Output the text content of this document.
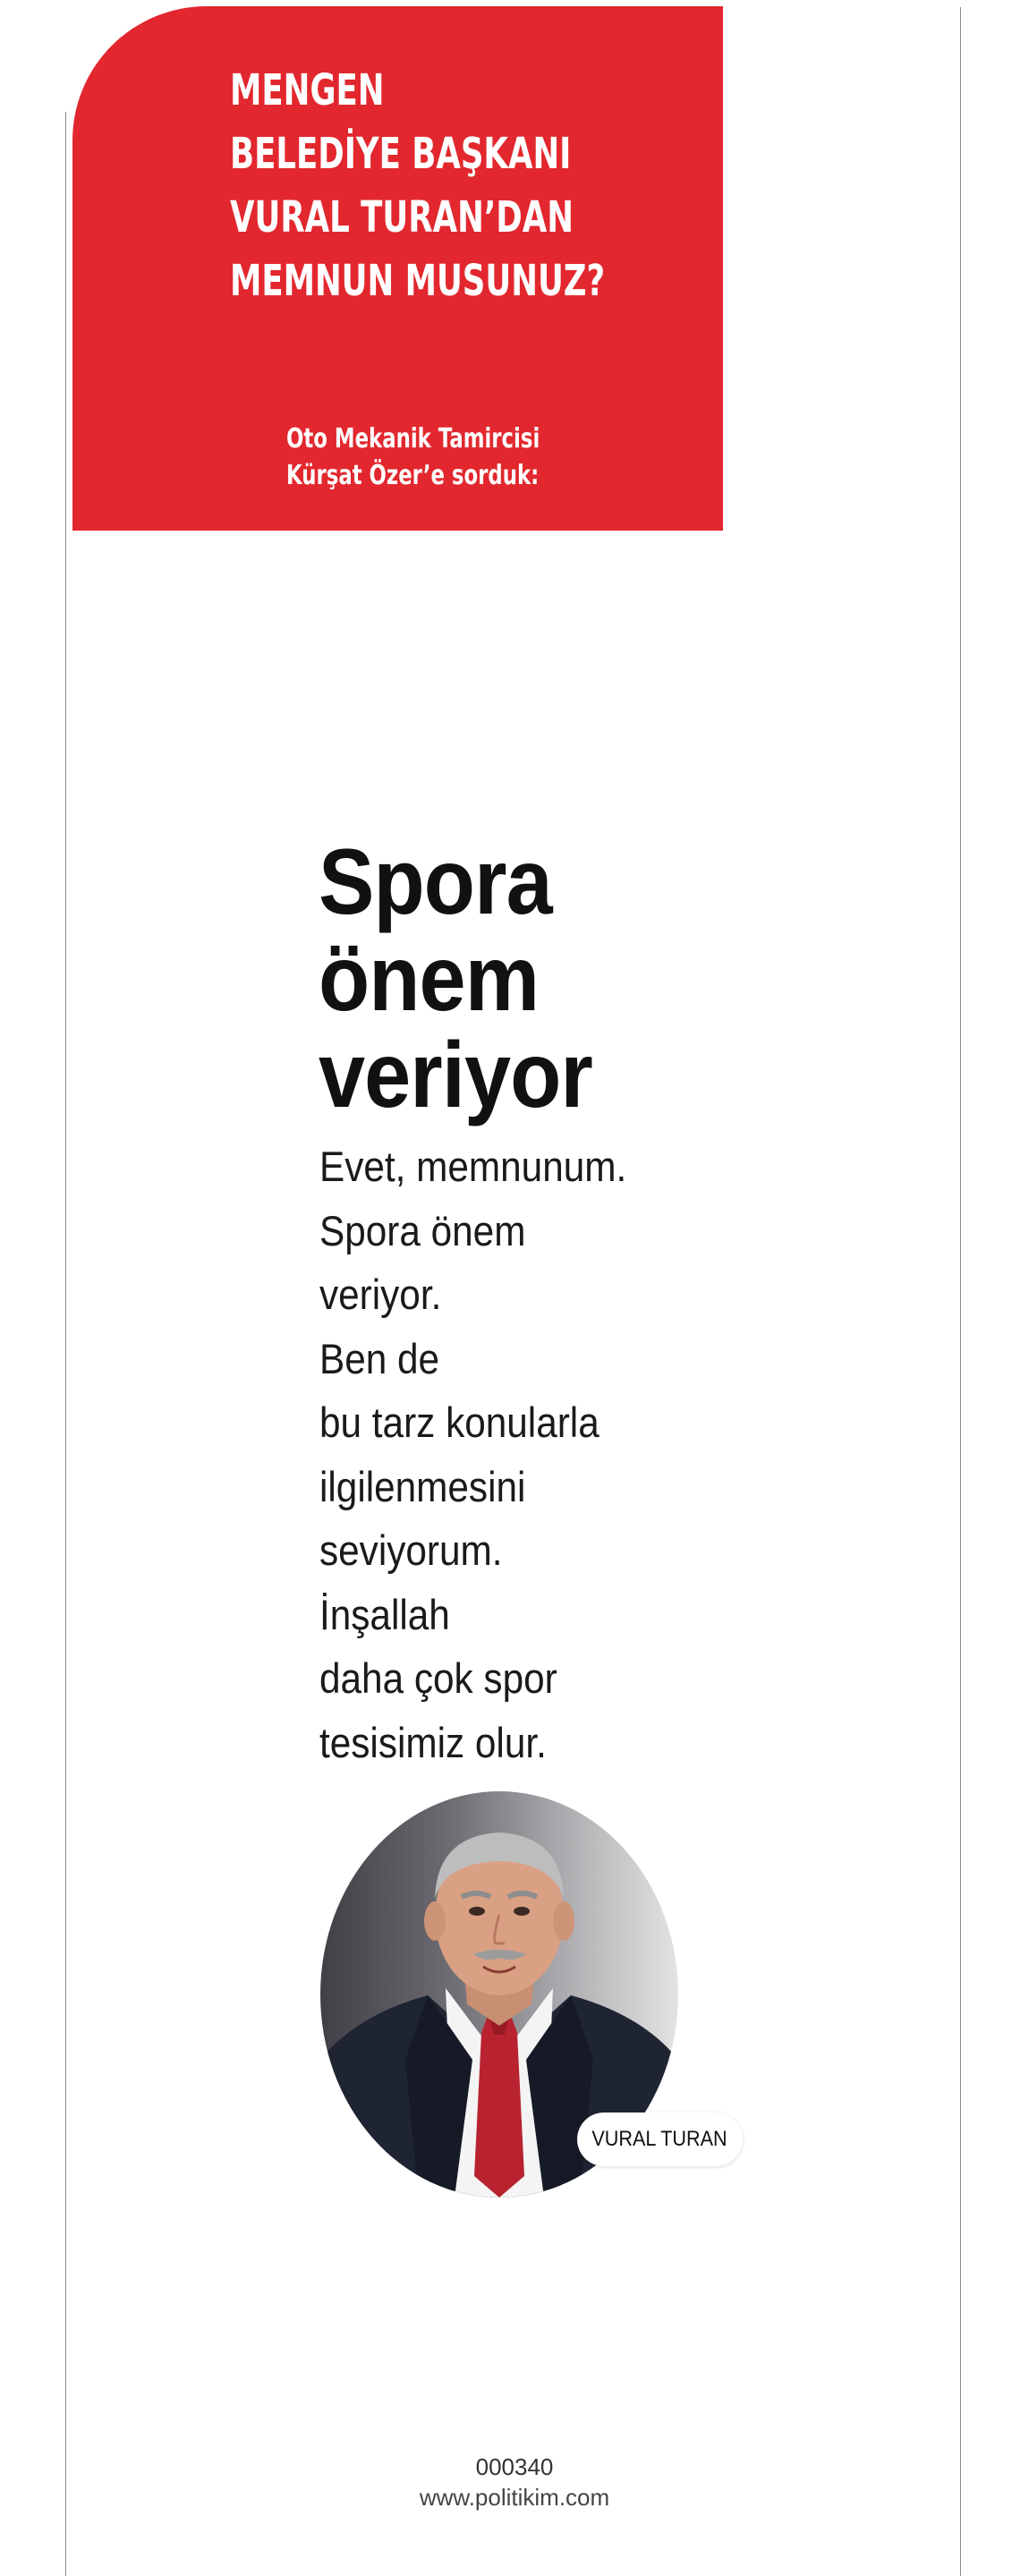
MENGEN
BELEDİYE BAŞKANI
VURAL TURAN’DAN
MEMNUN MUSUNUZ?
Oto Mekanik Tamircisi
Kürşat Özer’e sorduk:
Spora
önem
veriyor
Evet, memnunum.
Spora önem
veriyor.
Ben de
bu tarz konularla
ilgilenmesini
seviyorum.
İnşallah
daha çok spor
tesisimiz olur.
VURAL TURAN
000340
www.politikim.com
